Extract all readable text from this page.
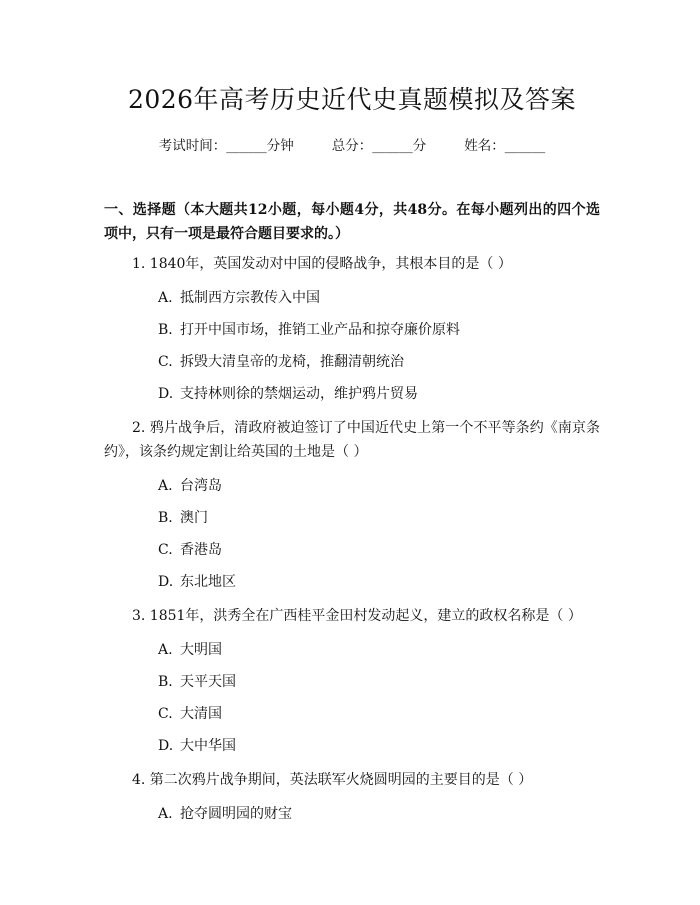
2026年高考历史近代史真题模拟及答案
考试时间：______分钟	总分：______分	姓名：______
一、选择题（本大题共12小题，每小题4分，共48分。在每小题列出的四个选项中，只有一项是最符合题目要求的。）
1. 1840年，英国发动对中国的侵略战争，其根本目的是（ ）
A. 抵制西方宗教传入中国
B. 打开中国市场，推销工业产品和掠夺廉价原料
C. 拆毁大清皇帝的龙椅，推翻清朝统治
D. 支持林则徐的禁烟运动，维护鸦片贸易
2. 鸦片战争后，清政府被迫签订了中国近代史上第一个不平等条约《南京条约》，该条约规定割让给英国的土地是（ ）
A. 台湾岛
B. 澳门
C. 香港岛
D. 东北地区
3. 1851年，洪秀全在广西桂平金田村发动起义，建立的政权名称是（ ）
A. 大明国
B. 天平天国
C. 大清国
D. 大中华国
4. 第二次鸦片战争期间，英法联军火烧圆明园的主要目的是（ ）
A. 抢夺圆明园的财宝
